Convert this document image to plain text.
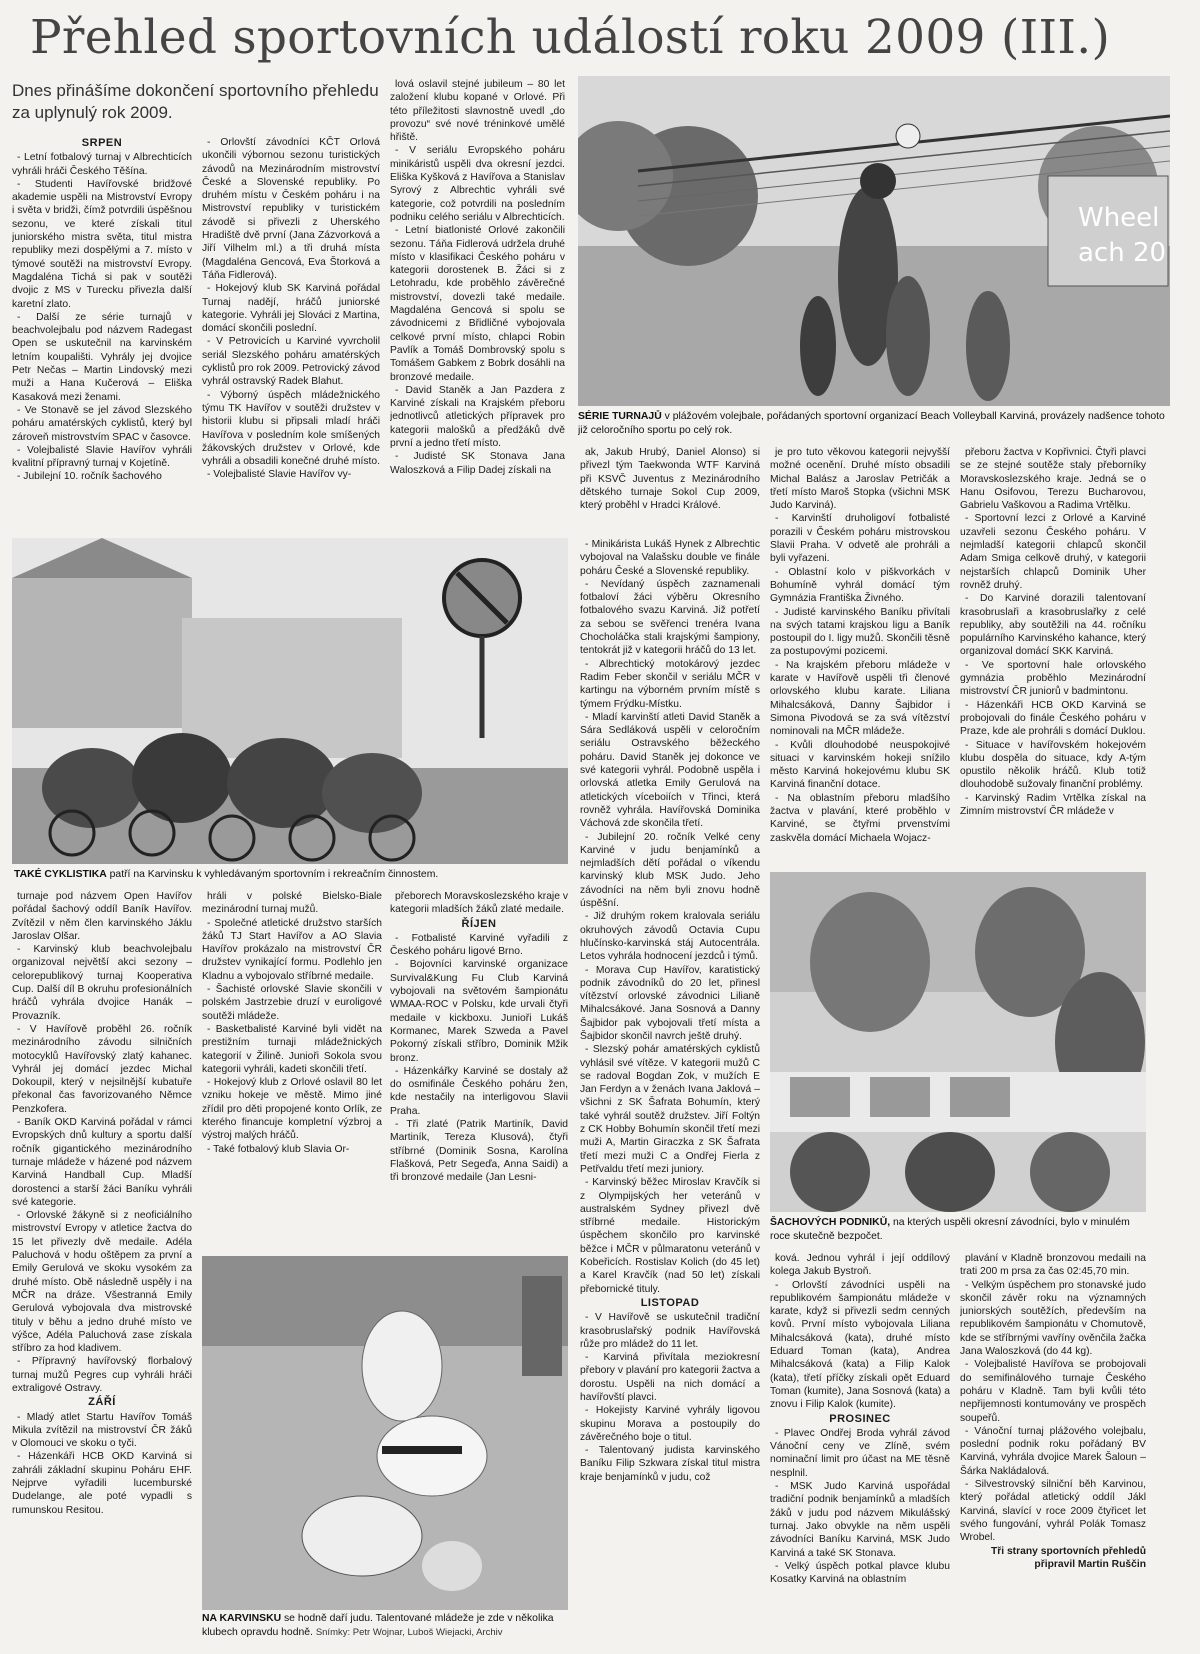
Přehled sportovních událostí roku 2009 (III.)
Dnes přinášíme dokončení sportovního přehledu za uplynulý rok 2009.
SRPEN

- Letní fotbalový turnaj v Albrechticích vyhráli hráči Českého Těšína.

- Studenti Havířovské bridžové akademie uspěli na Mistrovství Evropy i světa v bridži, čímž potvrdili úspěšnou sezonu, ve které získali titul juniorského mistra světa, titul mistra republiky mezi dospělými a 7. místo v týmové soutěži na mistrovství Evropy. Magdaléna Tichá si pak v soutěži dvojic z MS v Turecku přivezla další karetní zlato.

- Další ze série turnajů v beachvolejbalu pod názvem Radegast Open se uskutečnil na karvinském letním koupališti. Vyhrály jej dvojice Petr Nečas – Martin Lindovský mezi muži a Hana Kučerová – Eliška Kasaková mezi ženami.

- Ve Stonavě se jel závod Slezského poháru amatérských cyklistů, který byl zároveň mistrovstvím SPAC v časovce.

- Volejbalisté Slavie Havířov vyhráli kvalitní přípravný turnaj v Kojetíně.

- Jubilejní 10. ročník šachového

- Orlovští závodníci KČT Orlová ukončili výbornou sezonu turistických závodů na Mezinárodním mistrovství České a Slovenské republiky. Po druhém místu v Českém poháru i na Mistrovství republiky v turistickém závodě si přivezli z Uherského Hradiště dvě první (Jana Zázvorková a Jiří Vilhelm ml.) a tři druhá místa (Magdaléna Gencová, Eva Štorková a Táňa Fidlerová).

- Hokejový klub SK Karviná pořádal Turnaj nadějí, hráčů juniorské kategorie. Vyhráli jej Slováci z Martina, domácí skončili poslední.

- V Petrovicích u Karviné vyvrcholil seriál Slezského poháru amatérských cyklistů pro rok 2009. Petrovický závod vyhrál ostravský Radek Blahut.

- Výborný úspěch mládežnického týmu TK Havířov v soutěži družstev v historii klubu si připsali mladí hráči Havířova v posledním kole smíšených žákovských družstev v Orlové, kde vyhráli a obsadili konečné druhé místo.

- Volejbalisté Slavie Havířov vy-

lová oslavil stejné jubileum – 80 let založení klubu kopané v Orlové. Při této příležitosti slavnostně uvedl „do provozu“ své nové tréninkové umělé hřiště.

- V seriálu Evropského poháru minikáristů uspěli dva okresní jezdci. Eliška Kyšková z Havířova a Stanislav Syrový z Albrechtic vyhráli své kategorie, což potvrdili na posledním podniku celého seriálu v Albrechticích.

- Letní biatlonisté Orlové zakončili sezonu. Táňa Fidlerová udržela druhé místo v klasifikaci Českého poháru v kategorii dorostenek B. Žáci si z Letohradu, kde proběhlo závěrečné mistrovství, dovezli také medaile. Magdaléna Gencová si spolu se závodnicemi z Břidličné vybojovala celkové první místo, chlapci Robin Pavlík a Tomáš Dombrovský spolu s Tomášem Gabkem z Bobrk dosáhli na bronzové medaile.

- David Staněk a Jan Pazdera z Karviné získali na Krajském přeboru jednotlivců atletických přípravek pro kategorii malošků a předžáků dvě první a jedno třetí místo.

- Judisté SK Stonava Jana Waloszková a Filip Dadej získali na

Wheel
ach 20
SÉRIE TURNAJŮ v plážovém volejbale, pořádaných sportovní organizací Beach Volleyball Karviná, provázely nadšence tohoto již celoročního sportu po celý rok.

ak, Jakub Hrubý, Daniel Alonso) si přivezl tým Taekwonda WTF Karviná při KSVČ Juventus z Mezinárodního dětského turnaje Sokol Cup 2009, který proběhl v Hradci Králové.

TAKÉ CYKLISTIKA patří na Karvinsku k vyhledávaným sportovním i rekreačním činnostem.

- Minikárista Lukáš Hynek z Albrechtic vybojoval na Valašsku double ve finále poháru České a Slovenské republiky.

- Nevídaný úspěch zaznamenali fotbaloví žáci výběru Okresního fotbalového svazu Karviná. Již potřetí za sebou se svěřenci trenéra Ivana Chocholáčka stali krajskými šampiony, tentokrát již v kategorii hráčů do 13 let.

- Albrechtický motokárový jezdec Radim Feber skončil v seriálu MČR v kartingu na výborném prvním místě s týmem Frýdku-Místku.

- Mladí karvinští atleti David Staněk a Sára Sedláková uspěli v celoročním seriálu Ostravského běžeckého poháru. David Staněk jej dokonce ve své kategorii vyhrál. Podobně uspěla i orlovská atletka Emily Gerulová na atletických víceboiích v Třinci, která rovněž vyhrála. Havířovská Dominika Váchová zde skončila třetí.

- Jubilejní 20. ročník Velké ceny Karviné v judu benjamínků a nejmladších dětí pořádal o víkendu karvinský klub MSK Judo. Jeho závodníci na něm byli znovu hodně úspěšní.

- Již druhým rokem kralovala seriálu okruhových závodů Octavia Cupu hlučínsko-karvinská stáj Autocentrála. Letos vyhrála hodnocení jezdců i týmů.

- Morava Cup Havířov, karatistický podnik závodníků do 20 let, přinesl vítězství orlovské závodnici Lilianě Mihalcsákové. Jana Sosnová a Danny Šajbidor pak vybojovali třetí místa a Šajbidor skončil navrch ještě druhý.

- Slezský pohár amatérských cyklistů vyhlásil své vítěze. V kategorii mužů C se radoval Bogdan Zok, v mužích E Jan Ferdyn a v ženách Ivana Jaklová – všichni z SK Šafrata Bohumín, který také vyhrál soutěž družstev. Jiří Foltýn z CK Hobby Bohumín skončil třetí mezi muži A, Martin Giraczka z SK Šafrata třetí mezi muži C a Ondřej Fierla z Petřvaldu třetí mezi juniory.

- Karvinský běžec Miroslav Kravčík si z Olympijských her veteránů v australském Sydney přivezl dvě stříbrné medaile. Historickým úspěchem skončilo pro karvinské běžce i MČR v půlmaratonu veteránů v Kobeřicích. Rostislav Kolich (do 45 let) a Karel Kravčík (nad 50 let) získali přebornické tituly.

LISTOPAD

- V Havířově se uskutečnil tradiční krasobruslařský podnik Havířovská růže pro mládež do 11 let.

- Karviná přivítala meziokresní přebory v plavání pro kategorii žactva a dorostu. Uspěli na nich domácí a havířovští plavci.

- Hokejisty Karviné vyhrály ligovou skupinu Morava a postoupily do závěrečného boje o titul.

- Talentovaný judista karvinského Baníku Filip Szkwara získal titul mistra kraje benjamínků v judu, což

je pro tuto věkovou kategorii nejvyšší možné ocenění. Druhé místo obsadili Michal Balász a Jaroslav Petričák a třetí místo Maroš Stopka (všichni MSK Judo Karviná).

- Karvinští druholigoví fotbalisté porazili v Českém poháru mistrovskou Slavii Praha. V odvetě ale prohráli a byli vyřazeni.

- Oblastní kolo v piškvorkách v Bohumíně vyhrál domácí tým Gymnázia Františka Živného.

- Judisté karvinského Baníku přivítali na svých tatami krajskou ligu a Baník postoupil do I. ligy mužů. Skončili těsně za postupovými pozicemi.

- Na krajském přeboru mládeže v karate v Havířově uspěli tři členové orlovského klubu karate. Liliana Mihalcsáková, Danny Šajbidor i Simona Pivodová se za svá vítězství nominovali na MČR mládeže.

- Kvůli dlouhodobé neuspokojivé situaci v karvinském hokeji snížilo město Karviná hokejovému klubu SK Karviná finanční dotace.

- Na oblastním přeboru mladšího žactva v plavání, které proběhlo v Karviné, se čtyřmi prvenstvími zaskvěla domácí Michaela Wojacz-

přeboru žactva v Kopřivnici. Čtyři plavci se ze stejné soutěže staly přeborníky Moravskoslezského kraje. Jedná se o Hanu Osifovou, Terezu Bucharovou, Gabrielu Vaškovou a Radima Vrtělku.

- Sportovní lezci z Orlové a Karviné uzavřeli sezonu Českého poháru. V nejmladší kategorii chlapců skončil Adam Smiga celkově druhý, v kategorii nejstarších chlapců Dominik Uher rovněž druhý.

- Do Karviné dorazili talentovaní krasobruslaři a krasobruslařky z celé republiky, aby soutěžili na 44. ročníku populárního Karvinského kahance, který organizoval domácí SKK Karviná.

- Ve sportovní hale orlovského gymnázia proběhlo Mezinárodní mistrovství ČR juniorů v badmintonu.

- Házenkáři HCB OKD Karviná se probojovali do finále Českého poháru v Praze, kde ale prohráli s domácí Duklou.

- Situace v havířovském hokejovém klubu dospěla do situace, kdy A-tým opustilo několik hráčů. Klub totiž dlouhodobě sužovaly finanční problémy.

- Karvinský Radim Vrtělka získal na Zimním mistrovství ČR mládeže v

ŠACHOVÝCH PODNIKŮ, na kterých uspěli okresní závodníci, bylo v minulém roce skutečně bezpočet.

turnaje pod názvem Open Havířov pořádal šachový oddíl Baník Havířov. Zvítězil v něm člen karvinského Jáklu Jaroslav Olšar.

- Karvinský klub beachvolejbalu organizoval největší akci sezony – celorepublikový turnaj Kooperativa Cup. Další díl B okruhu profesionálních hráčů vyhrála dvojice Hanák – Provazník.

- V Havířově proběhl 26. ročník mezinárodního závodu silničních motocyklů Havířovský zlatý kahanec. Vyhrál jej domácí jezdec Michal Dokoupil, který v nejsilnější kubatuře překonal čas favorizovaného Němce Penzkofera.

- Baník OKD Karviná pořádal v rámci Evropských dnů kultury a sportu další ročník gigantického mezinárodního turnaje mládeže v házené pod názvem Karviná Handball Cup. Mladší dorostenci a starší žáci Baníku vyhráli své kategorie.

- Orlovské žákyně si z neoficiálního mistrovství Evropy v atletice žactva do 15 let přivezly dvě medaile. Adéla Paluchová v hodu oštěpem za první a Emily Gerulová ve skoku vysokém za druhé místo. Obě následně uspěly i na MČR na dráze. Všestranná Emily Gerulová vybojovala dva mistrovské tituly v běhu a jedno druhé místo ve výšce, Adéla Paluchová zase získala stříbro za hod kladivem.

- Přípravný havířovský florbalový turnaj mužů Pegres cup vyhráli hráči extraligové Ostravy.

ZÁŘÍ

- Mladý atlet Startu Havířov Tomáš Mikula zvítězil na mistrovství ČR žáků v Olomouci ve skoku o tyči.

- Házenkáři HCB OKD Karviná si zahráli základní skupinu Poháru EHF. Nejprve vyřadili lucemburské Dudelange, ale poté vypadli s rumunskou Resitou.

hráli v polské Bielsko-Biale mezinárodní turnaj mužů.

- Společné atletické družstvo starších žáků TJ Start Havířov a AO Slavia Havířov prokázalo na mistrovství ČR družstev vynikající formu. Podlehlo jen Kladnu a vybojovalo stříbrné medaile.

- Šachisté orlovské Slavie skončili v polském Jastrzebie druzí v euroligové soutěži mládeže.

- Basketbalisté Karviné byli vidět na prestižním turnaji mládežnických kategorií v Žilině. Junioři Sokola svou kategorii vyhráli, kadeti skončili třetí.

- Hokejový klub z Orlové oslavil 80 let vzniku hokeje ve městě. Mimo jiné zřídil pro děti propojené konto Orlík, ze kterého financuje kompletní výzbroj a výstroj malých hráčů.

- Také fotbalový klub Slavia Or-

přeborech Moravskoslezského kraje v kategorii mladších žáků zlaté medaile.

ŘÍJEN

- Fotbalisté Karviné vyřadili z Českého poháru ligové Brno.

- Bojovníci karvinské organizace Survival&Kung Fu Club Karviná vybojovali na světovém šampionátu WMAA-ROC v Polsku, kde urvali čtyři medaile v kickboxu. Junioři Lukáš Kormanec, Marek Szweda a Pavel Pokorný získali stříbro, Dominik Mžik bronz.

- Házenkářky Karviné se dostaly až do osmifinále Českého poháru žen, kde nestačily na interligovou Slavii Praha.

- Tři zlaté (Patrik Martiník, David Martiník, Tereza Klusová), čtyři stříbrné (Dominik Sosna, Karolína Flašková, Petr Segeďa, Anna Saidi) a tři bronzové medaile (Jan Lesni-

NA KARVINSKU se hodně daří judu. Talentované mládeže je zde v několika klubech opravdu hodně. Snímky: Petr Wojnar, Luboš Wiejacki, Archiv

ková. Jednou vyhrál i její oddílový kolega Jakub Bystroň.

- Orlovští závodníci uspěli na republikovém šampionátu mládeže v karate, když si přivezli sedm cenných kovů. První místo vybojovala Liliana Mihalcsáková (kata), druhé místo Eduard Toman (kata), Andrea Mihalcsáková (kata) a Filip Kalok (kata), třetí příčky získali opět Eduard Toman (kumite), Jana Sosnová (kata) a znovu i Filip Kalok (kumite).

PROSINEC

- Plavec Ondřej Broda vyhrál závod Vánoční ceny ve Zlíně, svém nominační limit pro účast na ME těsně nesplnil.

- MSK Judo Karviná uspořádal tradiční podnik benjamínků a mladších žáků v judu pod názvem Mikulášský turnaj. Jako obvykle na něm uspěli závodníci Baníku Karviná, MSK Judo Karviná a také SK Stonava.

- Velký úspěch potkal plavce klubu Kosatky Karviná na oblastním

plavání v Kladně bronzovou medaili na trati 200 m prsa za čas 02:45,70 min.

- Velkým úspěchem pro stonavské judo skončil závěr roku na významných juniorských soutěžích, především na republikovém šampionátu v Chomutově, kde se stříbrnými vavříny ověnčila žačka Jana Waloszková (do 44 kg).

- Volejbalisté Havířova se probojovali do semifinálového turnaje Českého poháru v Kladně. Tam byli kvůli této nepřijemnosti kontumovány ve prospěch soupeřů.

- Vánoční turnaj plážového volejbalu, poslední podnik roku pořádaný BV Karviná, vyhrála dvojice Marek Šaloun – Šárka Nakládalová.

- Silvestrovský silniční běh Karvinou, který pořádal atletický oddíl Jákl Karviná, slavící v roce 2009 čtyřicet let svého fungování, vyhrál Polák Tomasz Wrobel.

Tři strany sportovních přehledů připravil Martin Ruščin
